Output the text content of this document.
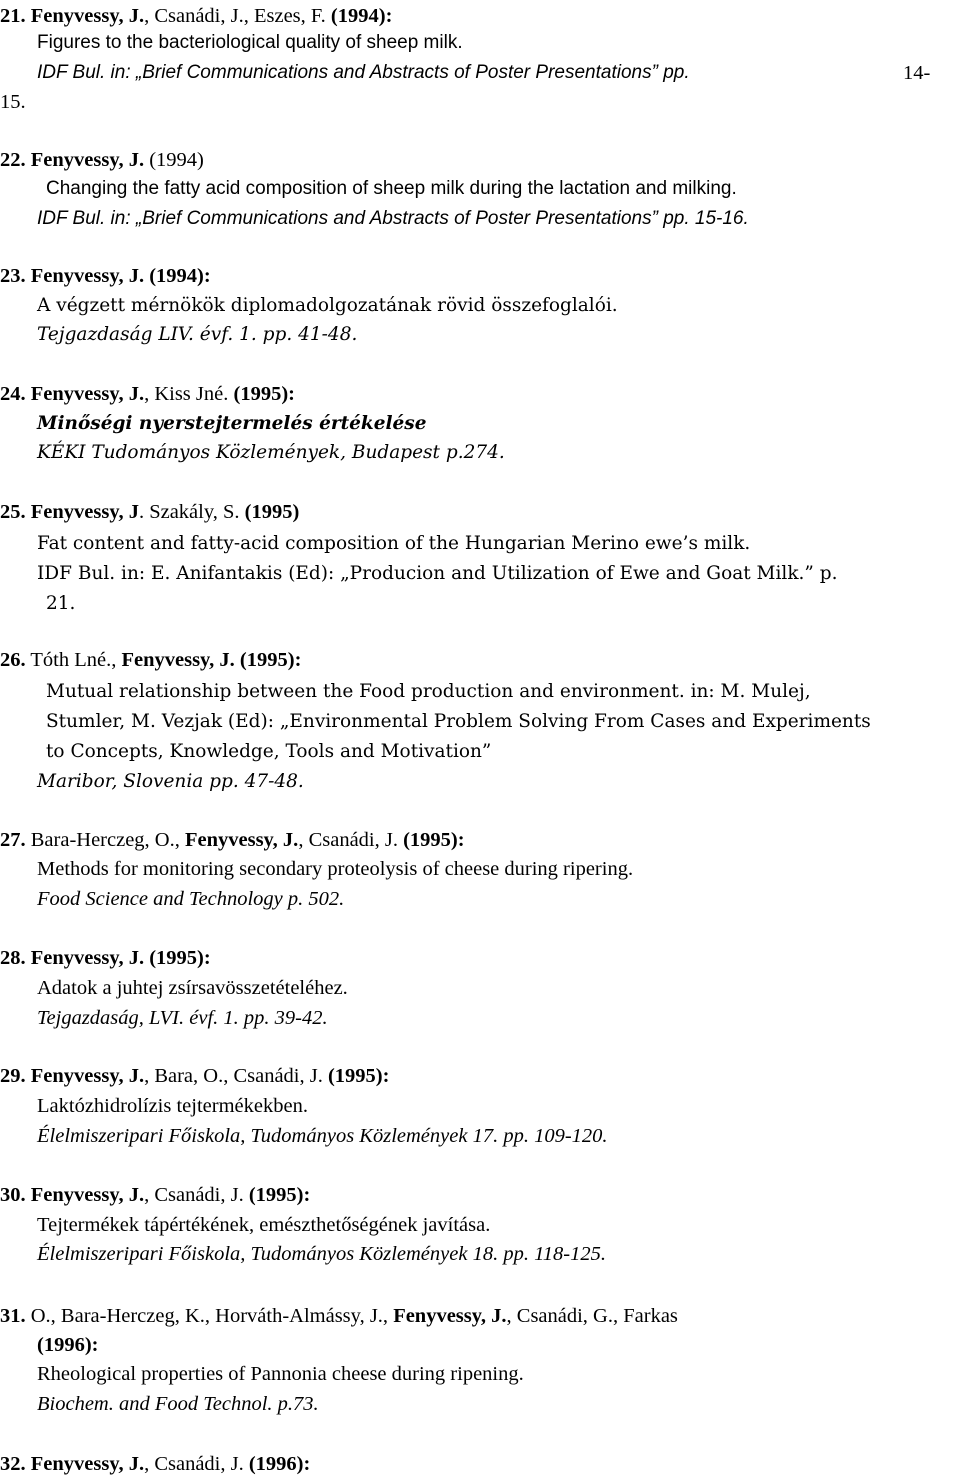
21. Fenyvessy, J., Csanádi, J., Eszes, F. (1994):
Figures to the bacteriological quality of sheep milk.
IDF Bul. in: „Brief Communications and Abstracts of Poster Presentations” pp.	14-
15.
22. Fenyvessy, J. (1994)
Changing the fatty acid composition of sheep milk during the lactation and milking.
IDF Bul. in: „Brief Communications and Abstracts of Poster Presentations” pp. 15-16.
23. Fenyvessy, J. (1994):
A végzett mérnökök diplomadolgozatának rövid összefoglalói.
Tejgazdaság LIV. évf. 1. pp. 41-48.
24. Fenyvessy, J., Kiss Jné. (1995):
Minőségi nyerstejtermelés értékelése
KÉKI Tudományos Közlemények, Budapest p.274.
25. Fenyvessy, J. Szakály, S. (1995)
Fat content and fatty-acid composition of the Hungarian Merino ewe’s milk.
IDF Bul. in: E. Anifantakis (Ed): „Producion and Utilization of Ewe and Goat Milk.” p.
21.
26. Tóth Lné., Fenyvessy, J. (1995):
Mutual relationship between the Food production and environment. in: M. Mulej,
Stumler, M. Vezjak (Ed): „Environmental Problem Solving From Cases and Experiments
to Concepts, Knowledge, Tools and Motivation”
Maribor, Slovenia pp. 47-48.
27. Bara-Herczeg, O., Fenyvessy, J., Csanádi, J. (1995):
Methods for monitoring secondary proteolysis of cheese during ripering.
Food Science and Technology p. 502.
28. Fenyvessy, J. (1995):
Adatok a juhtej zsírsavösszetételéhez.
Tejgazdaság, LVI. évf. 1. pp. 39-42.
29. Fenyvessy, J., Bara, O., Csanádi, J. (1995):
Laktózhidrolízis tejtermékekben.
Élelmiszeripari Főiskola, Tudományos Közlemények 17. pp. 109-120.
30. Fenyvessy, J., Csanádi, J. (1995):
Tejtermékek tápértékének, emészthetőségének javítása.
Élelmiszeripari Főiskola, Tudományos Közlemények 18. pp. 118-125.
31. O., Bara-Herczeg, K., Horváth-Almássy, J., Fenyvessy, J., Csanádi, G., Farkas
(1996):
Rheological properties of Pannonia cheese during ripening.
Biochem. and Food Technol. p.73.
32. Fenyvessy, J., Csanádi, J. (1996):
